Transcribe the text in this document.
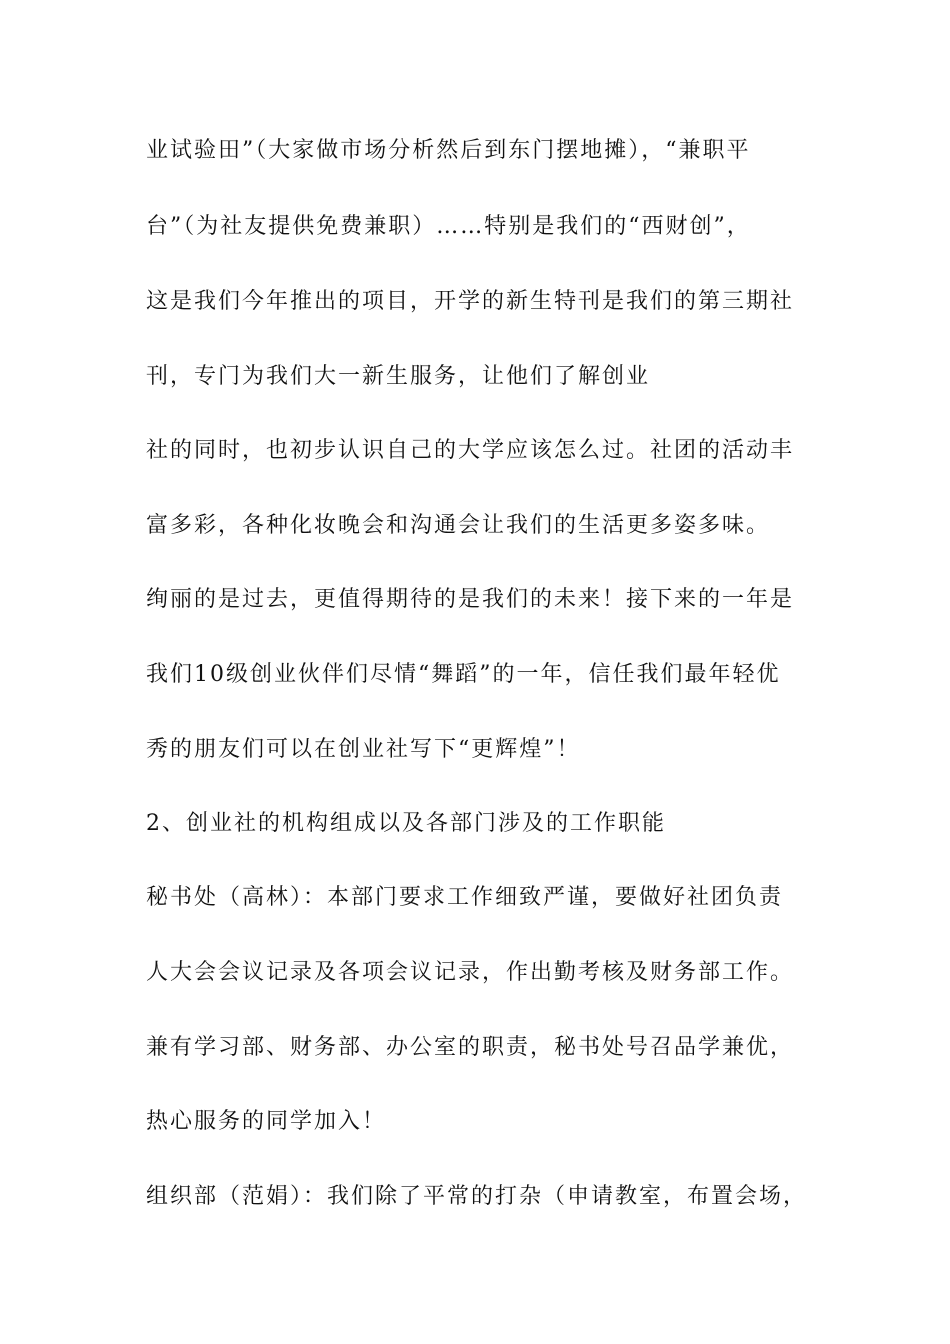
业试验田”（大家做市场分析然后到东门摆地摊），“兼职平
台”（为社友提供免费兼职）……特别是我们的“西财创”，
这是我们今年推出的项目，开学的新生特刊是我们的第三期社
刊，专门为我们大一新生服务，让他们了解创业
社的同时，也初步认识自己的大学应该怎么过。社团的活动丰
富多彩，各种化妆晚会和沟通会让我们的生活更多姿多味。
绚丽的是过去，更值得期待的是我们的未来！接下来的一年是
我们10级创业伙伴们尽情“舞蹈”的一年，信任我们最年轻优
秀的朋友们可以在创业社写下“更辉煌”！
2、创业社的机构组成以及各部门涉及的工作职能
秘书处（高林）：本部门要求工作细致严谨，要做好社团负责
人大会会议记录及各项会议记录，作出勤考核及财务部工作。
兼有学习部、财务部、办公室的职责，秘书处号召品学兼优，
热心服务的同学加入！
组织部（范娟）：我们除了平常的打杂（申请教室，布置会场，
